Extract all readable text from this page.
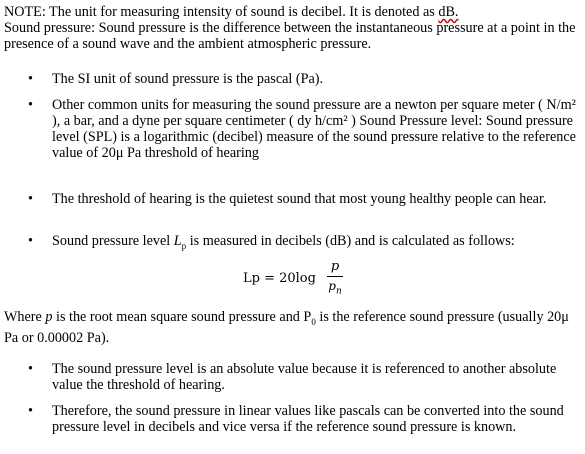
NOTE: The unit for measuring intensity of sound is decibel. It is denoted as dB.
Sound pressure: Sound pressure is the difference between the instantaneous pressure at a point in the presence of a sound wave and the ambient atmospheric pressure.
•	The SI unit of sound pressure is the pascal (Pa).
•	Other common units for measuring the sound pressure are a newton per square meter ( N/m² ), a bar, and a dyne per square centimeter ( dy h/cm² ) Sound Pressure level: Sound pressure level (SPL) is a logarithmic (decibel) measure of the sound pressure relative to the reference value of 20μ Pa threshold of hearing
•	The threshold of hearing is the quietest sound that most young healthy people can hear.
•	Sound pressure level $L_p$ is measured in decibels (dB) and is calculated as follows:
Lp = 20log
p
$p_n$
Where p is the root mean square sound pressure and $P_0$ is the reference sound pressure (usually 20μ Pa or 0.00002 Pa).
•	The sound pressure level is an absolute value because it is referenced to another absolute value the threshold of hearing.
•	Therefore, the sound pressure in linear values like pascals can be converted into the sound pressure level in decibels and vice versa if the reference sound pressure is known.
